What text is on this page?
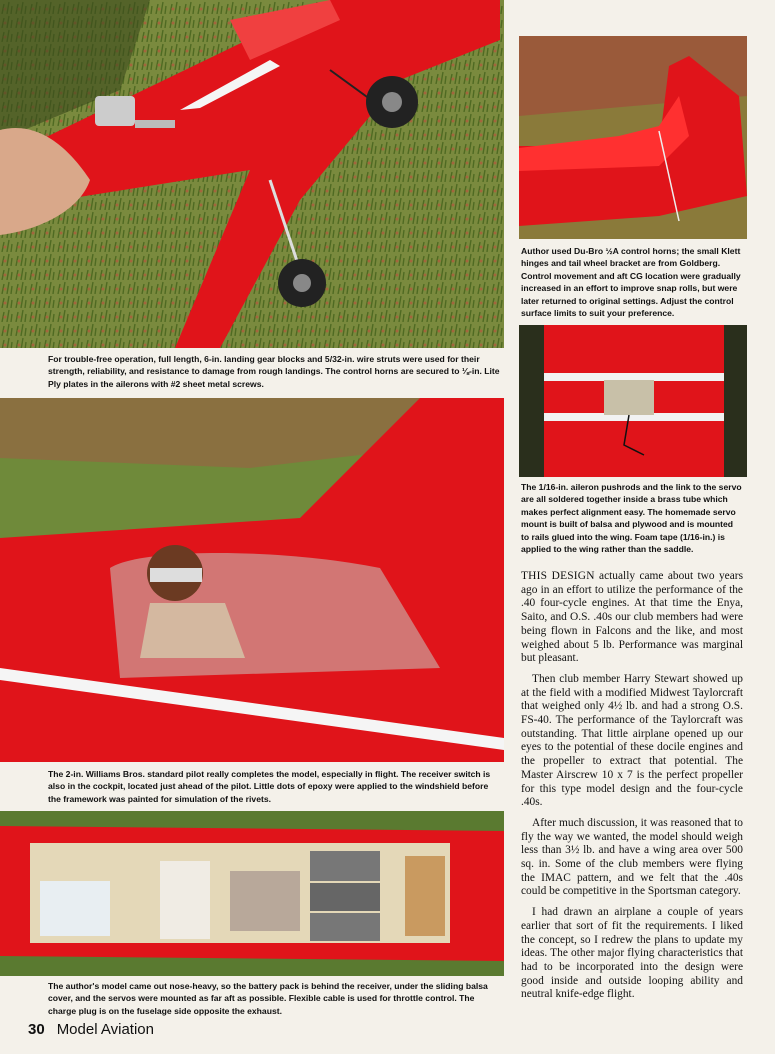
For trouble-free operation, full length, 6-in. landing gear blocks and 5/32-in. wire struts were used for their strength, reliability, and resistance to damage from rough landings. The control horns are secured to ⅛-in. Lite Ply plates in the ailerons with #2 sheet metal screws.
Author used Du-Bro ½A control horns; the small Klett hinges and tail wheel bracket are from Goldberg. Control movement and aft CG location were gradually increased in an effort to improve snap rolls, but were later returned to original settings. Adjust the control surface limits to suit your preference.
The 1/16-in. aileron pushrods and the link to the servo are all soldered together inside a brass tube which makes perfect alignment easy. The homemade servo mount is built of balsa and plywood and is mounted to rails glued into the wing. Foam tape (1/16-in.) is applied to the wing rather than the saddle.
The 2-in. Williams Bros. standard pilot really completes the model, especially in flight. The receiver switch is also in the cockpit, located just ahead of the pilot. Little dots of epoxy were applied to the windshield before the framework was painted for simulation of the rivets.
The author's model came out nose-heavy, so the battery pack is behind the receiver, under the sliding balsa cover, and the servos were mounted as far aft as possible. Flexible cable is used for throttle control. The charge plug is on the fuselage side opposite the exhaust.

THIS DESIGN actually came about two years ago in an effort to utilize the performance of the .40 four-cycle engines. At that time the Enya, Saito, and O.S. .40s our club members had were being flown in Falcons and the like, and most weighed about 5 lb. Performance was marginal but pleasant.

Then club member Harry Stewart showed up at the field with a modified Midwest Taylorcraft that weighed only 4½ lb. and had a strong O.S. FS-40. The performance of the Taylorcraft was outstanding. That little airplane opened up our eyes to the potential of these docile engines and the propeller to extract that potential. The Master Airscrew 10 x 7 is the perfect propeller for this type model design and the four-cycle .40s.

After much discussion, it was reasoned that to fly the way we wanted, the model should weigh less than 3½ lb. and have a wing area over 500 sq. in. Some of the club members were flying the IMAC pattern, and we felt that the .40s could be competitive in the Sportsman category.

I had drawn an airplane a couple of years earlier that sort of fit the requirements. I liked the concept, so I redrew the plans to update my ideas. The other major flying characteristics that had to be incorporated into the design were good inside and outside looping ability and neutral knife-edge flight.

30 Model Aviation
